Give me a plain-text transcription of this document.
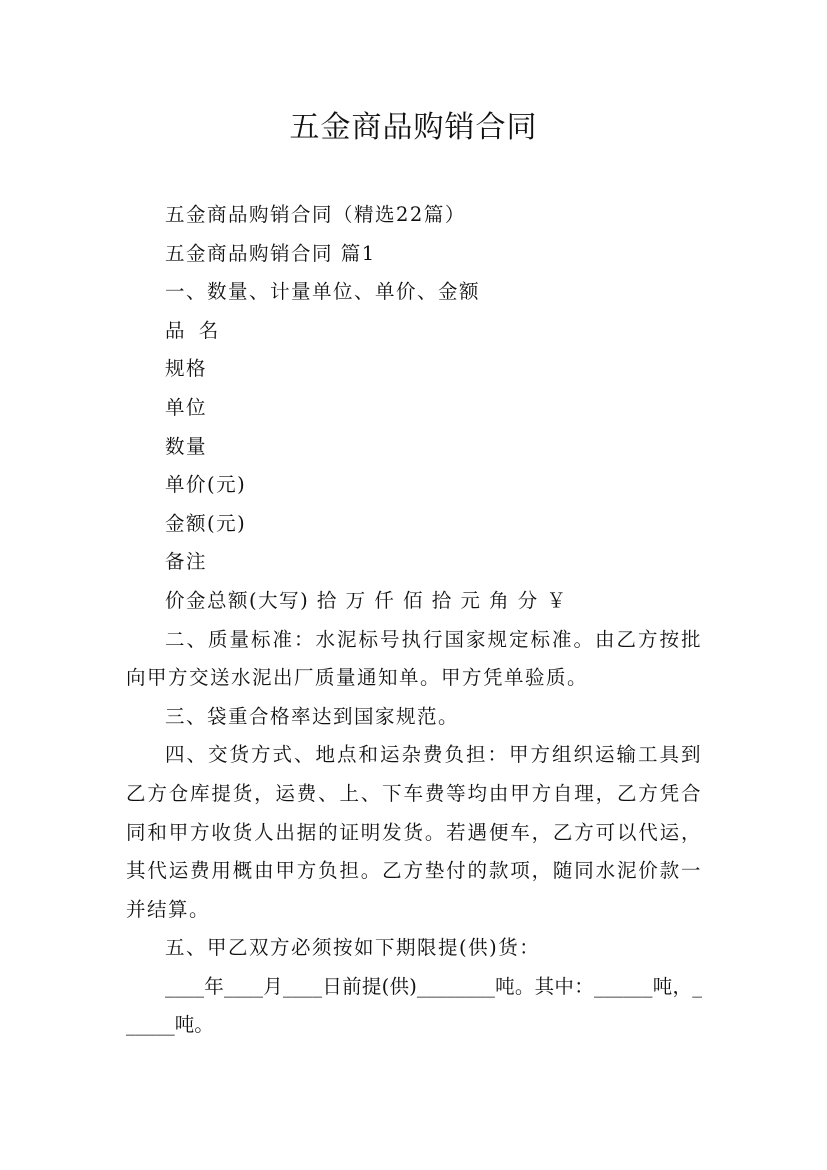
五金商品购销合同

五金商品购销合同（精选22篇）

五金商品购销合同 篇1

一、数量、计量单位、单价、金额

品 名

规格

单位

数量

单价(元)

金额(元)

备注

价金总额(大写) 拾 万 仟 佰 拾 元 角 分 ￥

二、质量标准：水泥标号执行国家规定标准。由乙方按批向甲方交送水泥出厂质量通知单。甲方凭单验质。

三、袋重合格率达到国家规范。

四、交货方式、地点和运杂费负担：甲方组织运输工具到乙方仓库提货，运费、上、下车费等均由甲方自理，乙方凭合同和甲方收货人出据的证明发货。若遇便车，乙方可以代运，其代运费用概由甲方负担。乙方垫付的款项，随同水泥价款一并结算。

五、甲乙双方必须按如下期限提(供)货：

____年____月____日前提(供)________吨。其中：______吨，______吨。
